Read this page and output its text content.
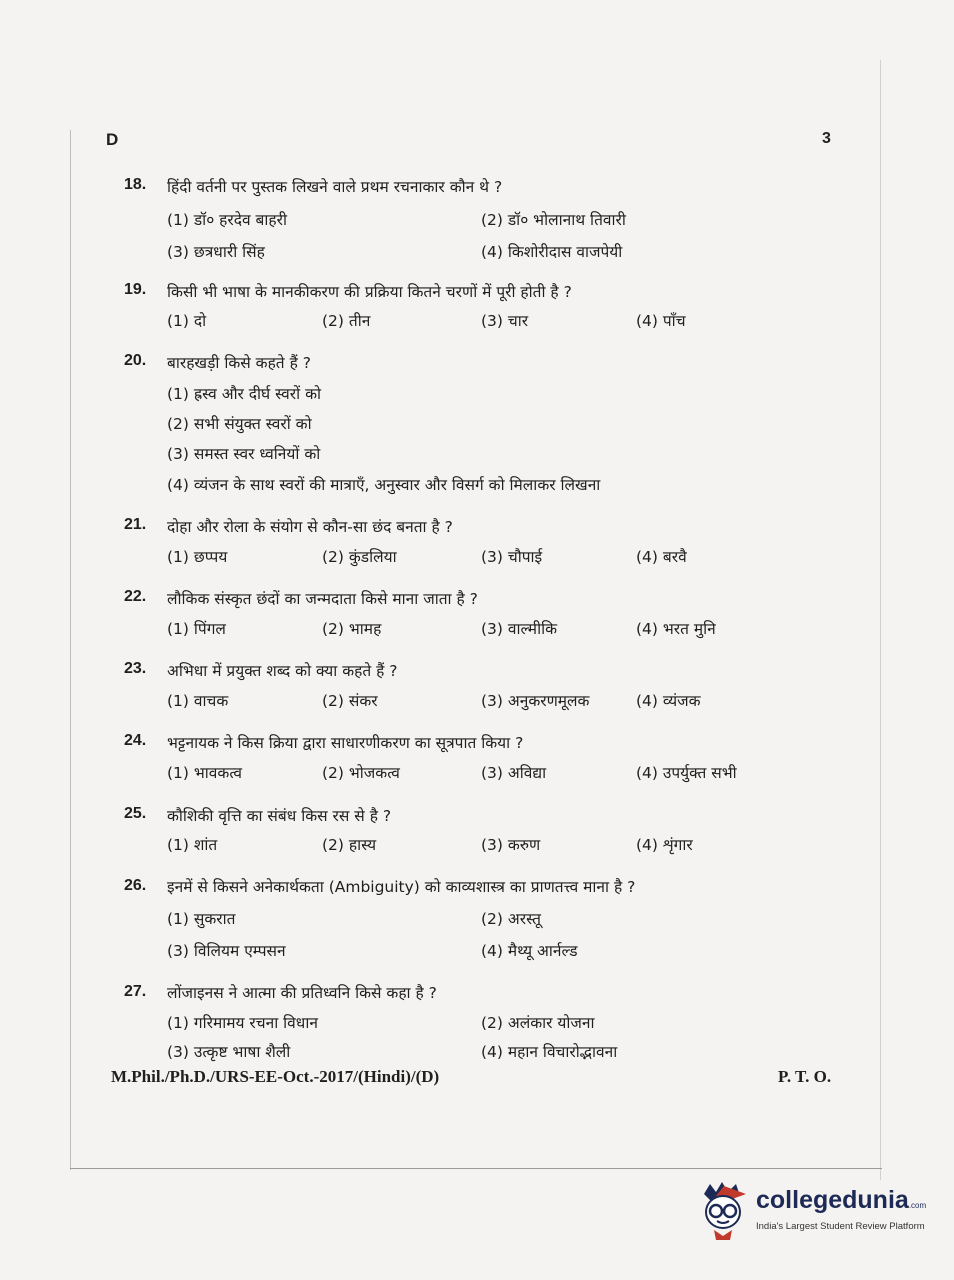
D	3
18. हिंदी वर्तनी पर पुस्तक लिखने वाले प्रथम रचनाकार कौन थे ?
(1) डॉ० हरदेव बाहरी	(2) डॉ० भोलानाथ तिवारी
(3) छत्रधारी सिंह	(4) किशोरीदास वाजपेयी
19. किसी भी भाषा के मानकीकरण की प्रक्रिया कितने चरणों में पूरी होती है ?
(1) दो	(2) तीन	(3) चार	(4) पाँच
20. बारहखड़ी किसे कहते हैं ?
(1) ह्रस्व और दीर्घ स्वरों को
(2) सभी संयुक्त स्वरों को
(3) समस्त स्वर ध्वनियों को
(4) व्यंजन के साथ स्वरों की मात्राएँ, अनुस्वार और विसर्ग को मिलाकर लिखना
21. दोहा और रोला के संयोग से कौन-सा छंद बनता है ?
(1) छप्पय	(2) कुंडलिया	(3) चौपाई	(4) बरवै
22. लौकिक संस्कृत छंदों का जन्मदाता किसे माना जाता है ?
(1) पिंगल	(2) भामह	(3) वाल्मीकि	(4) भरत मुनि
23. अभिधा में प्रयुक्त शब्द को क्या कहते हैं ?
(1) वाचक	(2) संकर	(3) अनुकरणमूलक	(4) व्यंजक
24. भट्टनायक ने किस क्रिया द्वारा साधारणीकरण का सूत्रपात किया ?
(1) भावकत्व	(2) भोजकत्व	(3) अविद्या	(4) उपर्युक्त सभी
25. कौशिकी वृत्ति का संबंध किस रस से है ?
(1) शांत	(2) हास्य	(3) करुण	(4) शृंगार
26. इनमें से किसने अनेकार्थकता (Ambiguity) को काव्यशास्त्र का प्राणतत्त्व माना है ?
(1) सुकरात	(2) अरस्तू
(3) विलियम एम्पसन	(4) मैथ्यू आर्नल्ड
27. लोंजाइनस ने आत्मा की प्रतिध्वनि किसे कहा है ?
(1) गरिमामय रचना विधान	(2) अलंकार योजना
(3) उत्कृष्ट भाषा शैली	(4) महान विचारोद्भावना
M.Phil./Ph.D./URS-EE-Oct.-2017/(Hindi)/(D)	P. T. O.
collegedunia.com
India's Largest Student Review Platform
